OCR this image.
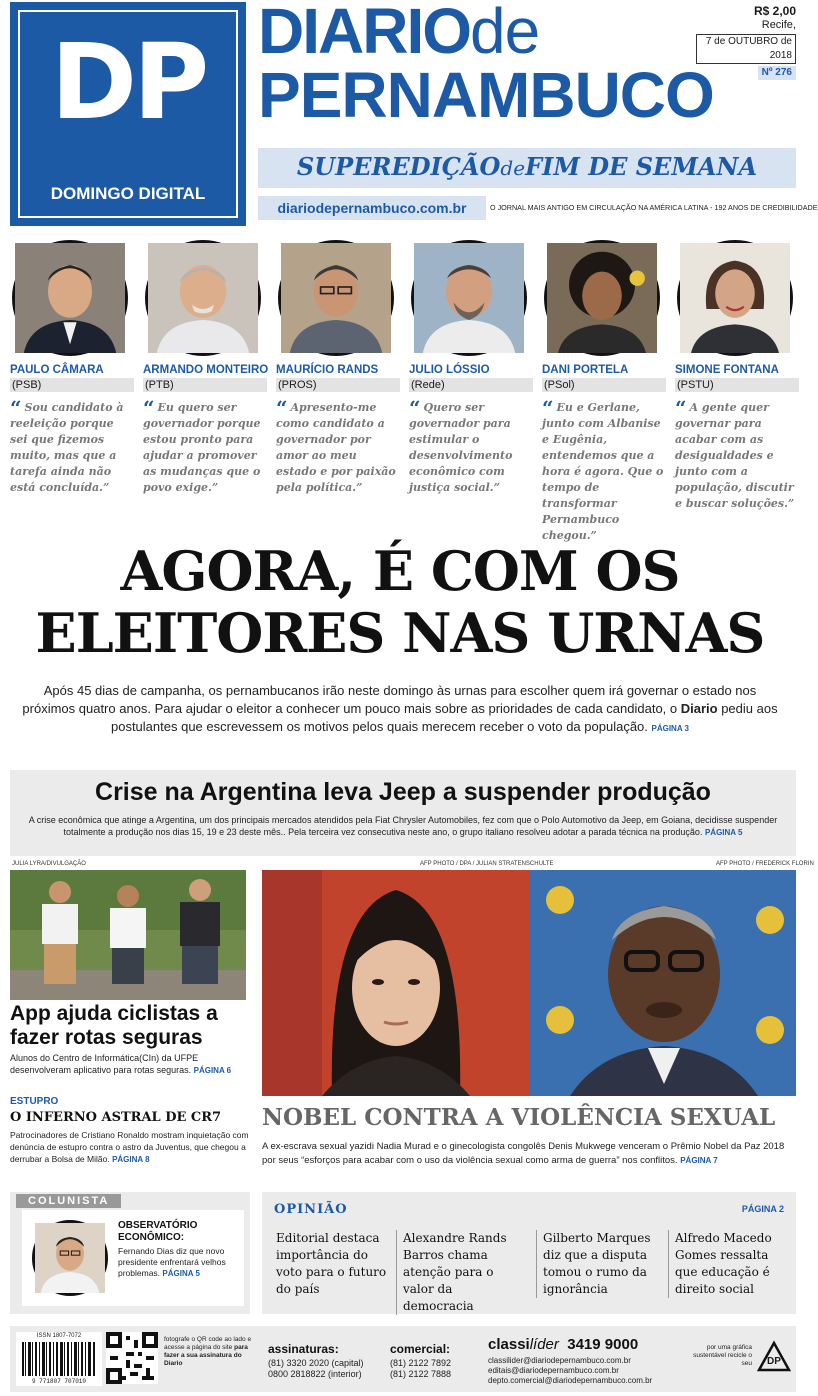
DP
DOMINGO DIGITAL
DIARIOde
PERNAMBUCO
R$ 2,00
Recife,
7 de OUTUBRO de 2018
Nº 276
SUPEREDIÇÃOdeFIM DE SEMANA
diariodepernambuco.com.br	O JORNAL MAIS ANTIGO EM CIRCULAÇÃO NA AMÉRICA LATINA - 192 ANOS DE CREDIBILIDADE
PAULO CÂMARA
(PSB)
“ Sou candidato à reeleição porque sei que fizemos muito, mas que a tarefa ainda não está concluída.”
ARMANDO MONTEIRO
(PTB)
“ Eu quero ser governador porque estou pronto para ajudar a promover as mudanças que o povo exige.”
MAURÍCIO RANDS
(PROS)
“ Apresento-me como candidato a governador por amor ao meu estado e por paixão pela política.”
JULIO LÓSSIO
(Rede)
“ Quero ser governador para estimular o desenvolvimento econômico com justiça social.”
DANI PORTELA
(PSol)
“ Eu e Gerlane, junto com Albanise e Eugênia, entendemos que a hora é agora. Que o tempo de transformar Pernambuco chegou.”
SIMONE FONTANA
(PSTU)
“ A gente quer governar para acabar com as desigualdades e junto com a população, discutir e buscar soluções.”
AGORA, É COM OS
ELEITORES NAS URNAS
Após 45 dias de campanha, os pernambucanos irão neste domingo às urnas para escolher quem irá governar o estado nos próximos quatro anos. Para ajudar o eleitor a conhecer um pouco mais sobre as prioridades de cada candidato, o Diario pediu aos postulantes que escrevessem os motivos pelos quais merecem receber o voto da população. PÁGINA 3
Crise na Argentina leva Jeep a suspender produção
A crise econômica que atinge a Argentina, um dos principais mercados atendidos pela Fiat Chrysler Automobiles, fez com que o Polo Automotivo da Jeep, em Goiana, decidisse suspender totalmente a produção nos dias 15, 19 e 23 deste mês.. Pela terceira vez consecutiva neste ano, o grupo italiano resolveu adotar a parada técnica na produção. PÁGINA 5
JULIA LYRA/DIVULGAÇÃO	AFP PHOTO / DPA / JULIAN STRATENSCHULTE	AFP PHOTO / FREDERICK FLORIN
App ajuda ciclistas a fazer rotas seguras
Alunos do Centro de Informática(CIn) da UFPE desenvolveram aplicativo para rotas seguras. PÁGINA 6
ESTUPRO
O INFERNO ASTRAL DE CR7
Patrocinadores de Cristiano Ronaldo mostram inquietação com denúncia de estupro contra o astro da Juventus, que chegou a derrubar a Bolsa de Milão. PÁGINA 8
NOBEL CONTRA A VIOLÊNCIA SEXUAL
A ex-escrava sexual yazidi Nadia Murad e o ginecologista congolês Denis Mukwege venceram o Prêmio Nobel da Paz 2018 por seus “esforços para acabar com o uso da violência sexual como arma de guerra” nos conflitos. PÁGINA 7
COLUNISTA
OBSERVATÓRIO ECONÔMICO:
Fernando Dias diz que novo presidente enfrentará velhos problemas. PÁGINA 5
OPINIÃO	PÁGINA 2
Editorial destaca importância do voto para o futuro do país
Alexandre Rands Barros chama atenção para o valor da democracia
Gilberto Marques diz que a disputa tomou o rumo da ignorância
Alfredo Macedo Gomes ressalta que educação é direito social
ISSN 1807-7072
9 771807 707010
fotografe o QR code ao lado e acesse a página do site para fazer a sua assinatura do Diario
assinaturas:
(81) 3320 2020 (capital)
0800 2818822 (interior)
comercial:
(81) 2122 7892
(81) 2122 7888
classilíder 3419 9000
classilider@diariodepernambuco.com.br
editais@diariodepernambuco.com.br
depto.comercial@diariodepernambuco.com.br
por uma gráfica sustentável recicle o seu	DP
